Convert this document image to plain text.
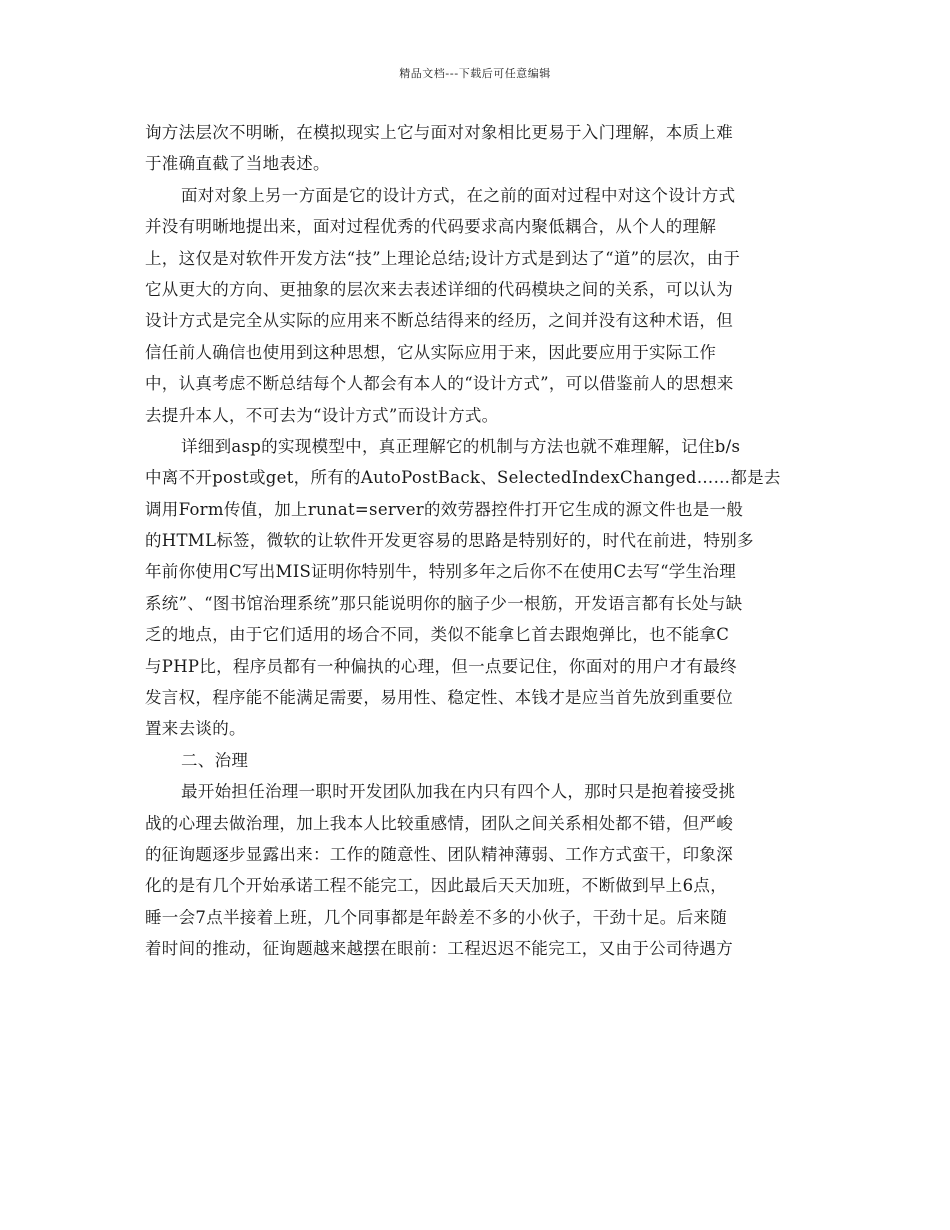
精品文档---下载后可任意编辑
询方法层次不明晰，在模拟现实上它与面对对象相比更易于入门理解，本质上难
于准确直截了当地表述。
面对对象上另一方面是它的设计方式，在之前的面对过程中对这个设计方式
并没有明晰地提出来，面对过程优秀的代码要求高内聚低耦合，从个人的理解
上，这仅是对软件开发方法“技”上理论总结;设计方式是到达了“道”的层次，由于
它从更大的方向、更抽象的层次来去表述详细的代码模块之间的关系，可以认为
设计方式是完全从实际的应用来不断总结得来的经历，之间并没有这种术语，但
信任前人确信也使用到这种思想，它从实际应用于来，因此要应用于实际工作
中，认真考虑不断总结每个人都会有本人的“设计方式”，可以借鉴前人的思想来
去提升本人，不可去为“设计方式”而设计方式。
详细到asp的实现模型中，真正理解它的机制与方法也就不难理解，记住b/s
中离不开post或get，所有的AutoPostBack、SelectedIndexChanged……都是去
调用Form传值，加上runat=server的效劳器控件打开它生成的源文件也是一般
的HTML标签，微软的让软件开发更容易的思路是特别好的，时代在前进，特别多
年前你使用C写出MIS证明你特别牛，特别多年之后你不在使用C去写“学生治理
系统”、“图书馆治理系统”那只能说明你的脑子少一根筋，开发语言都有长处与缺
乏的地点，由于它们适用的场合不同，类似不能拿匕首去跟炮弹比，也不能拿C
与PHP比，程序员都有一种偏执的心理，但一点要记住，你面对的用户才有最终
发言权，程序能不能满足需要，易用性、稳定性、本钱才是应当首先放到重要位
置来去谈的。
二、治理
最开始担任治理一职时开发团队加我在内只有四个人，那时只是抱着接受挑
战的心理去做治理，加上我本人比较重感情，团队之间关系相处都不错，但严峻
的征询题逐步显露出来：工作的随意性、团队精神薄弱、工作方式蛮干，印象深
化的是有几个开始承诺工程不能完工，因此最后天天加班，不断做到早上6点，
睡一会7点半接着上班，几个同事都是年龄差不多的小伙子，干劲十足。后来随
着时间的推动，征询题越来越摆在眼前：工程迟迟不能完工，又由于公司待遇方
